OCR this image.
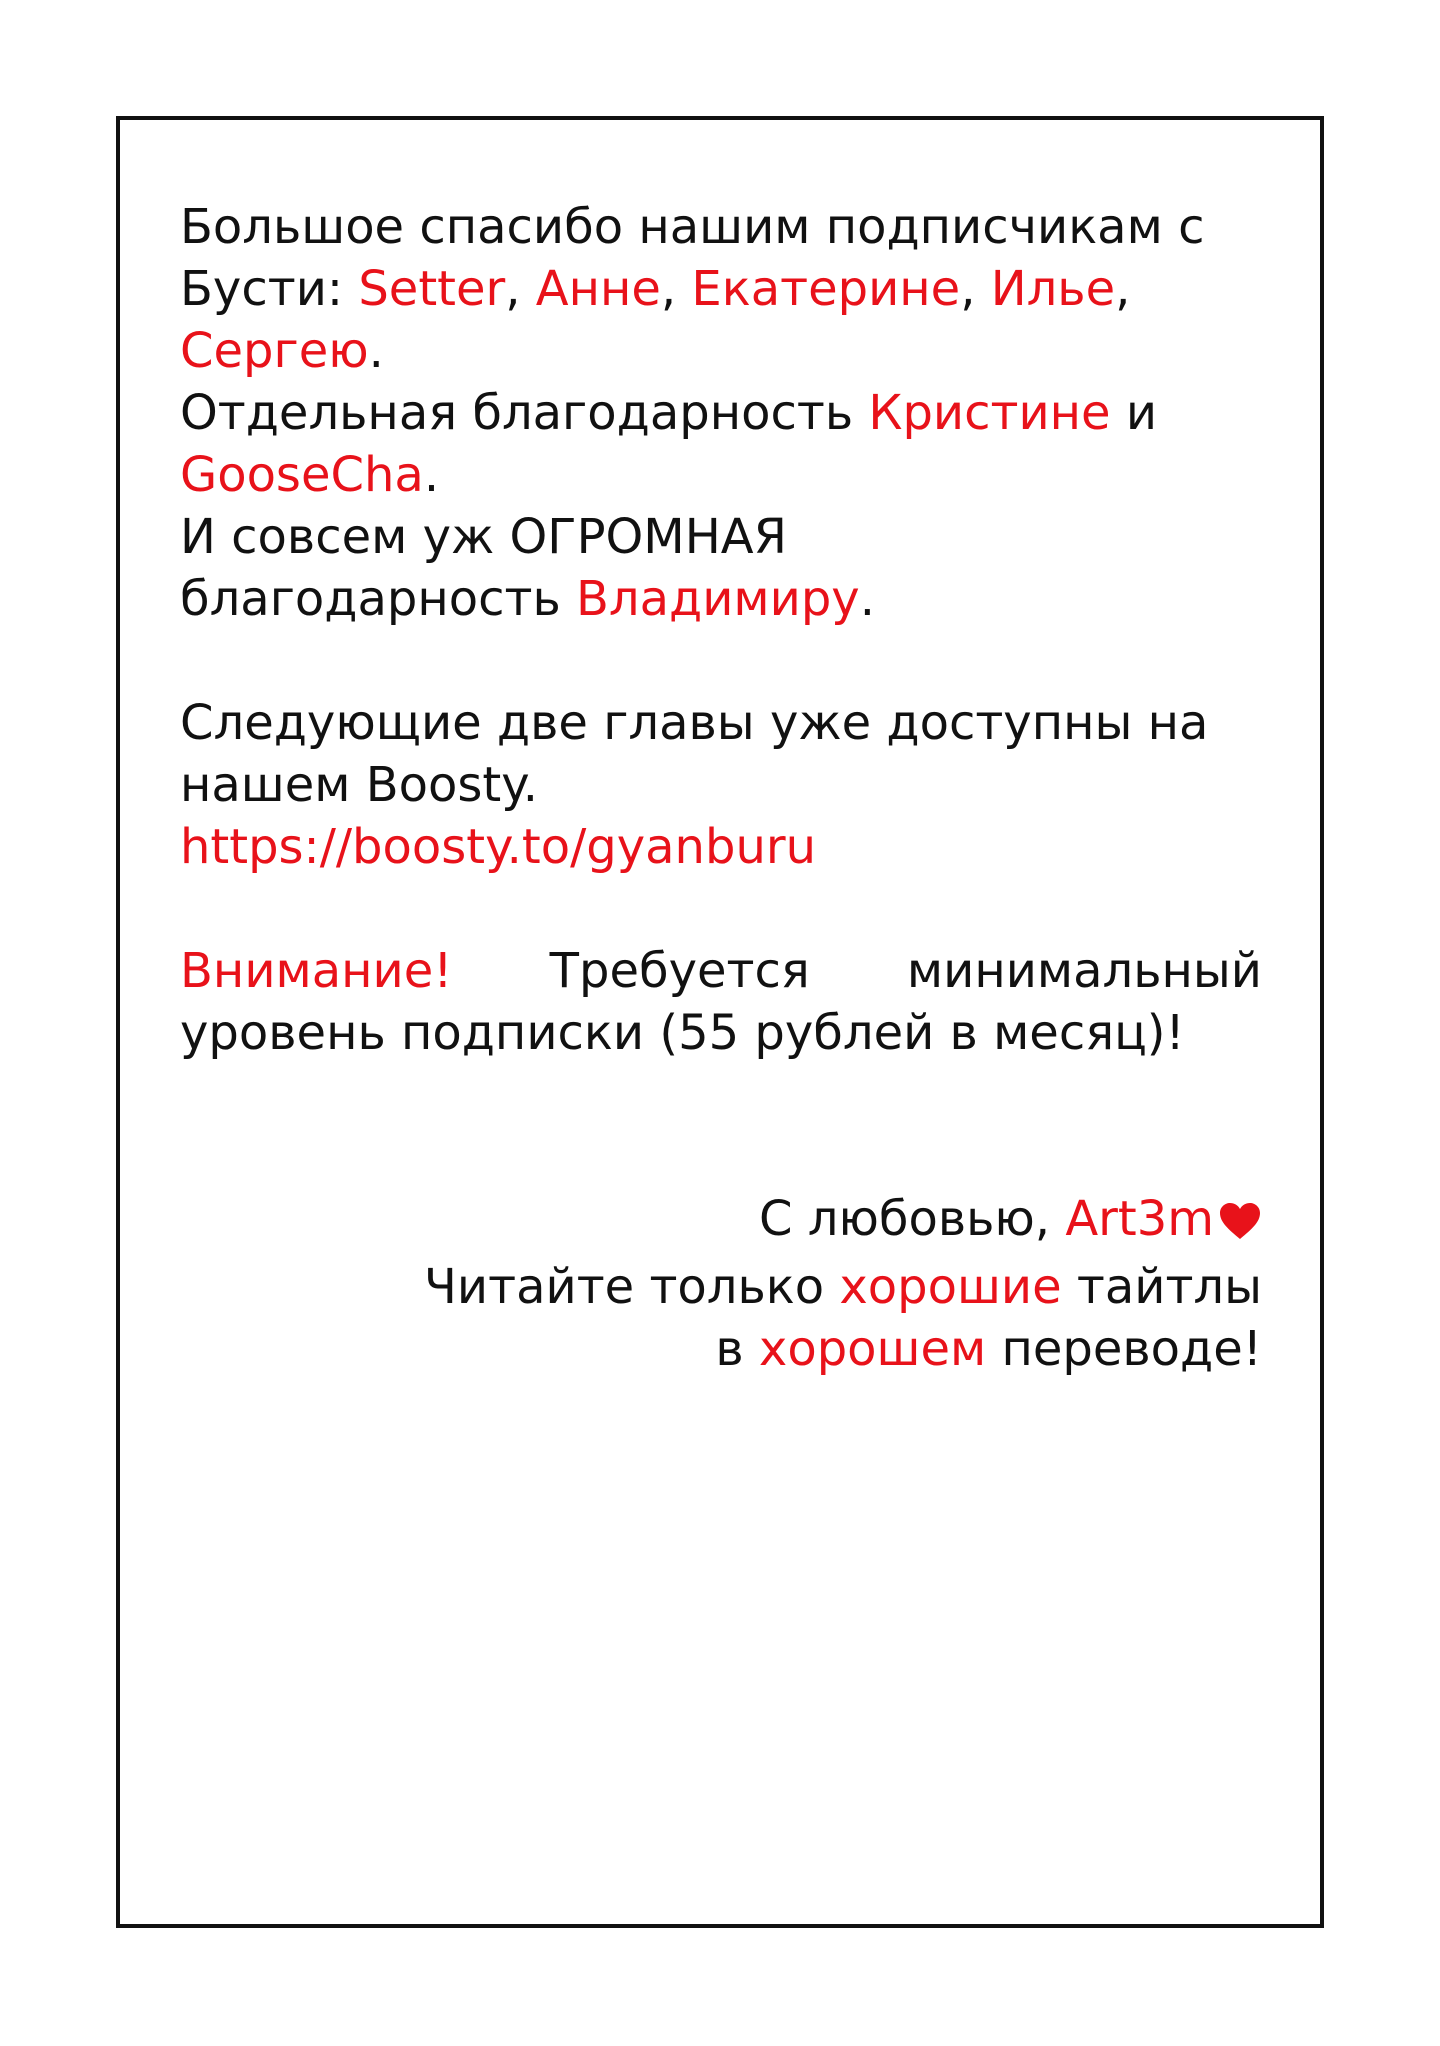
Большое спасибо нашим подписчикам с
Бусти: Setter, Анне, Екатерине, Илье,
Сергею.
Отдельная благодарность Кристине и
GooseCha.
И совсем уж ОГРОМНАЯ
благодарность Владимиру.

Следующие две главы уже доступны на
нашем Boosty.
https://boosty.to/gyanburu

Внимание! Требуется минимальный
уровень подписки (55 рублей в месяц)!

С любовью, Art3m
Читайте только хорошие тайтлы
в хорошем переводе!
